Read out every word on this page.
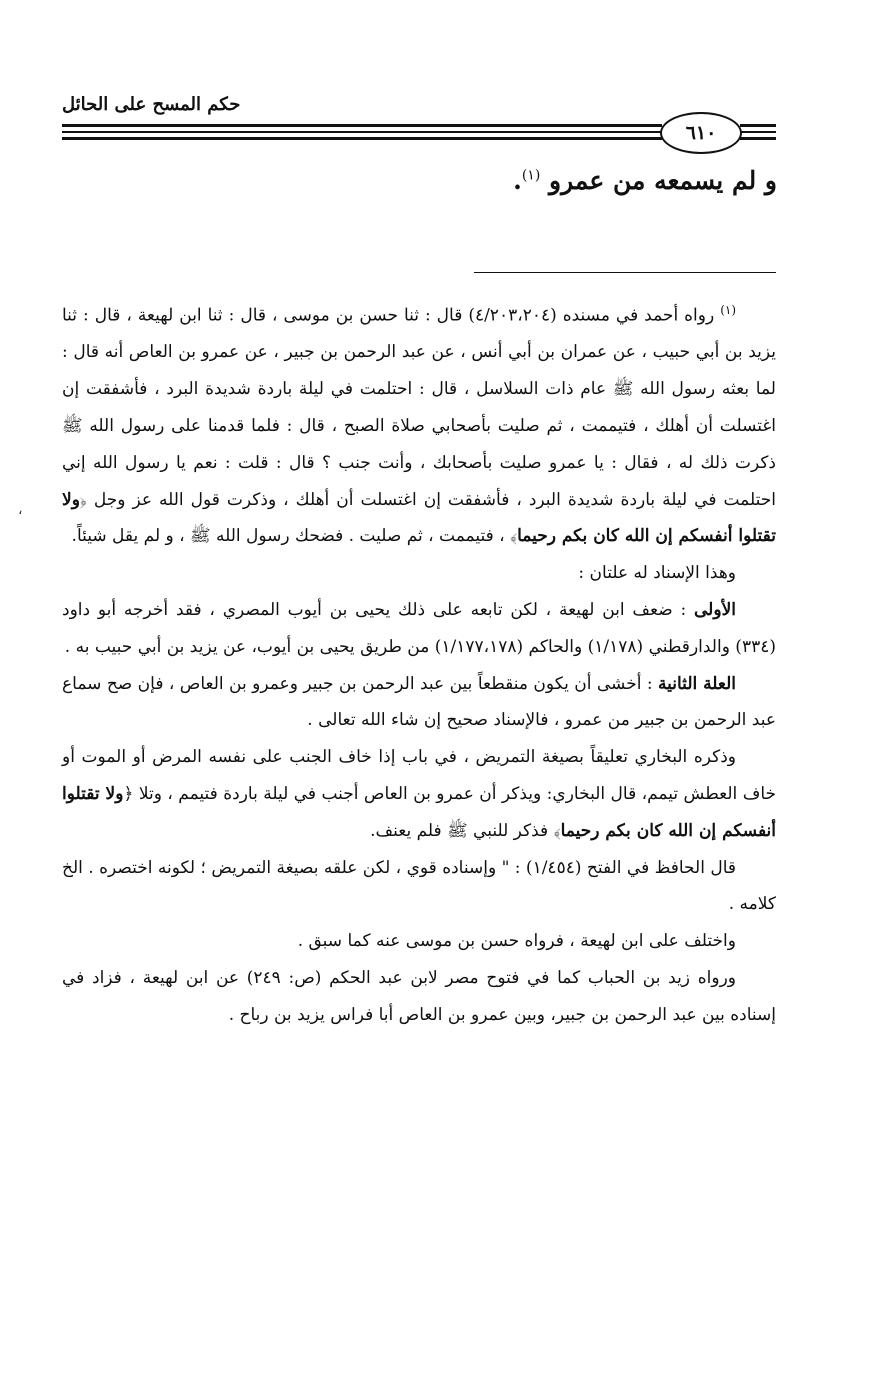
حكم المسح على الحائل
٦١٠
و لم يسمعه من عمرو $^{(١)}$.

$^{(١)}$ رواه أحمد في مسنده (٤/٢٠٣،٢٠٤) قال : ثنا حسن بن موسى ، قال : ثنا ابن لهيعة ، قال : ثنا يزيد بن أبي حبيب ، عن عمران بن أبي أنس ، عن عبد الرحمن بن جبير ، عن عمرو بن العاص أنه قال : لما بعثه رسول الله ﷺ عام ذات السلاسل ، قال : احتلمت في ليلة باردة شديدة البرد ، فأشفقت إن اغتسلت أن أهلك ، فتيممت ، ثم صليت بأصحابي صلاة الصبح ، قال : فلما قدمنا على رسول الله ﷺ ذكرت ذلك له ، فقال : يا عمرو صليت بأصحابك ، وأنت جنب ؟ قال : قلت : نعم يا رسول الله إني احتلمت في ليلة باردة شديدة البرد ، فأشفقت إن اغتسلت أن أهلك ، وذكرت قول الله عز وجل ﴿ولا تقتلوا أنفسكم إن الله كان بكم رحيما﴾ ، فتيممت ، ثم صليت . فضحك رسول الله ﷺ ، و لم يقل شيئاً.

وهذا الإسناد له علتان :

الأولى : ضعف ابن لهيعة ، لكن تابعه على ذلك يحيى بن أيوب المصري ، فقد أخرجه أبو داود (٣٣٤) والدارقطني (١/١٧٨) والحاكم (١/١٧٧،١٧٨) من طريق يحيى بن أيوب، عن يزيد بن أبي حبيب به .

العلة الثانية : أخشى أن يكون منقطعاً بين عبد الرحمن بن جبير وعمرو بن العاص ، فإن صح سماع عبد الرحمن بن جبير من عمرو ، فالإسناد صحيح إن شاء الله تعالى .

وذكره البخاري تعليقاً بصيغة التمريض ، في باب إذا خاف الجنب على نفسه المرض أو الموت أو خاف العطش تيمم، قال البخاري: ويذكر أن عمرو بن العاص أجنب في ليلة باردة فتيمم ، وتلا ﴿ولا تقتلوا أنفسكم إن الله كان بكم رحيما﴾ فذكر للنبي ﷺ فلم يعنف.

قال الحافظ في الفتح (١/٤٥٤) : " وإسناده قوي ، لكن علقه بصيغة التمريض ؛ لكونه اختصره . الخ كلامه .

واختلف على ابن لهيعة ، فرواه حسن بن موسى عنه كما سبق .

ورواه زيد بن الحباب كما في فتوح مصر لابن عبد الحكم (ص: ٢٤٩) عن ابن لهيعة ، فزاد في إسناده بين عبد الرحمن بن جبير، وبين عمرو بن العاص أبا فراس يزيد بن رباح .

،
